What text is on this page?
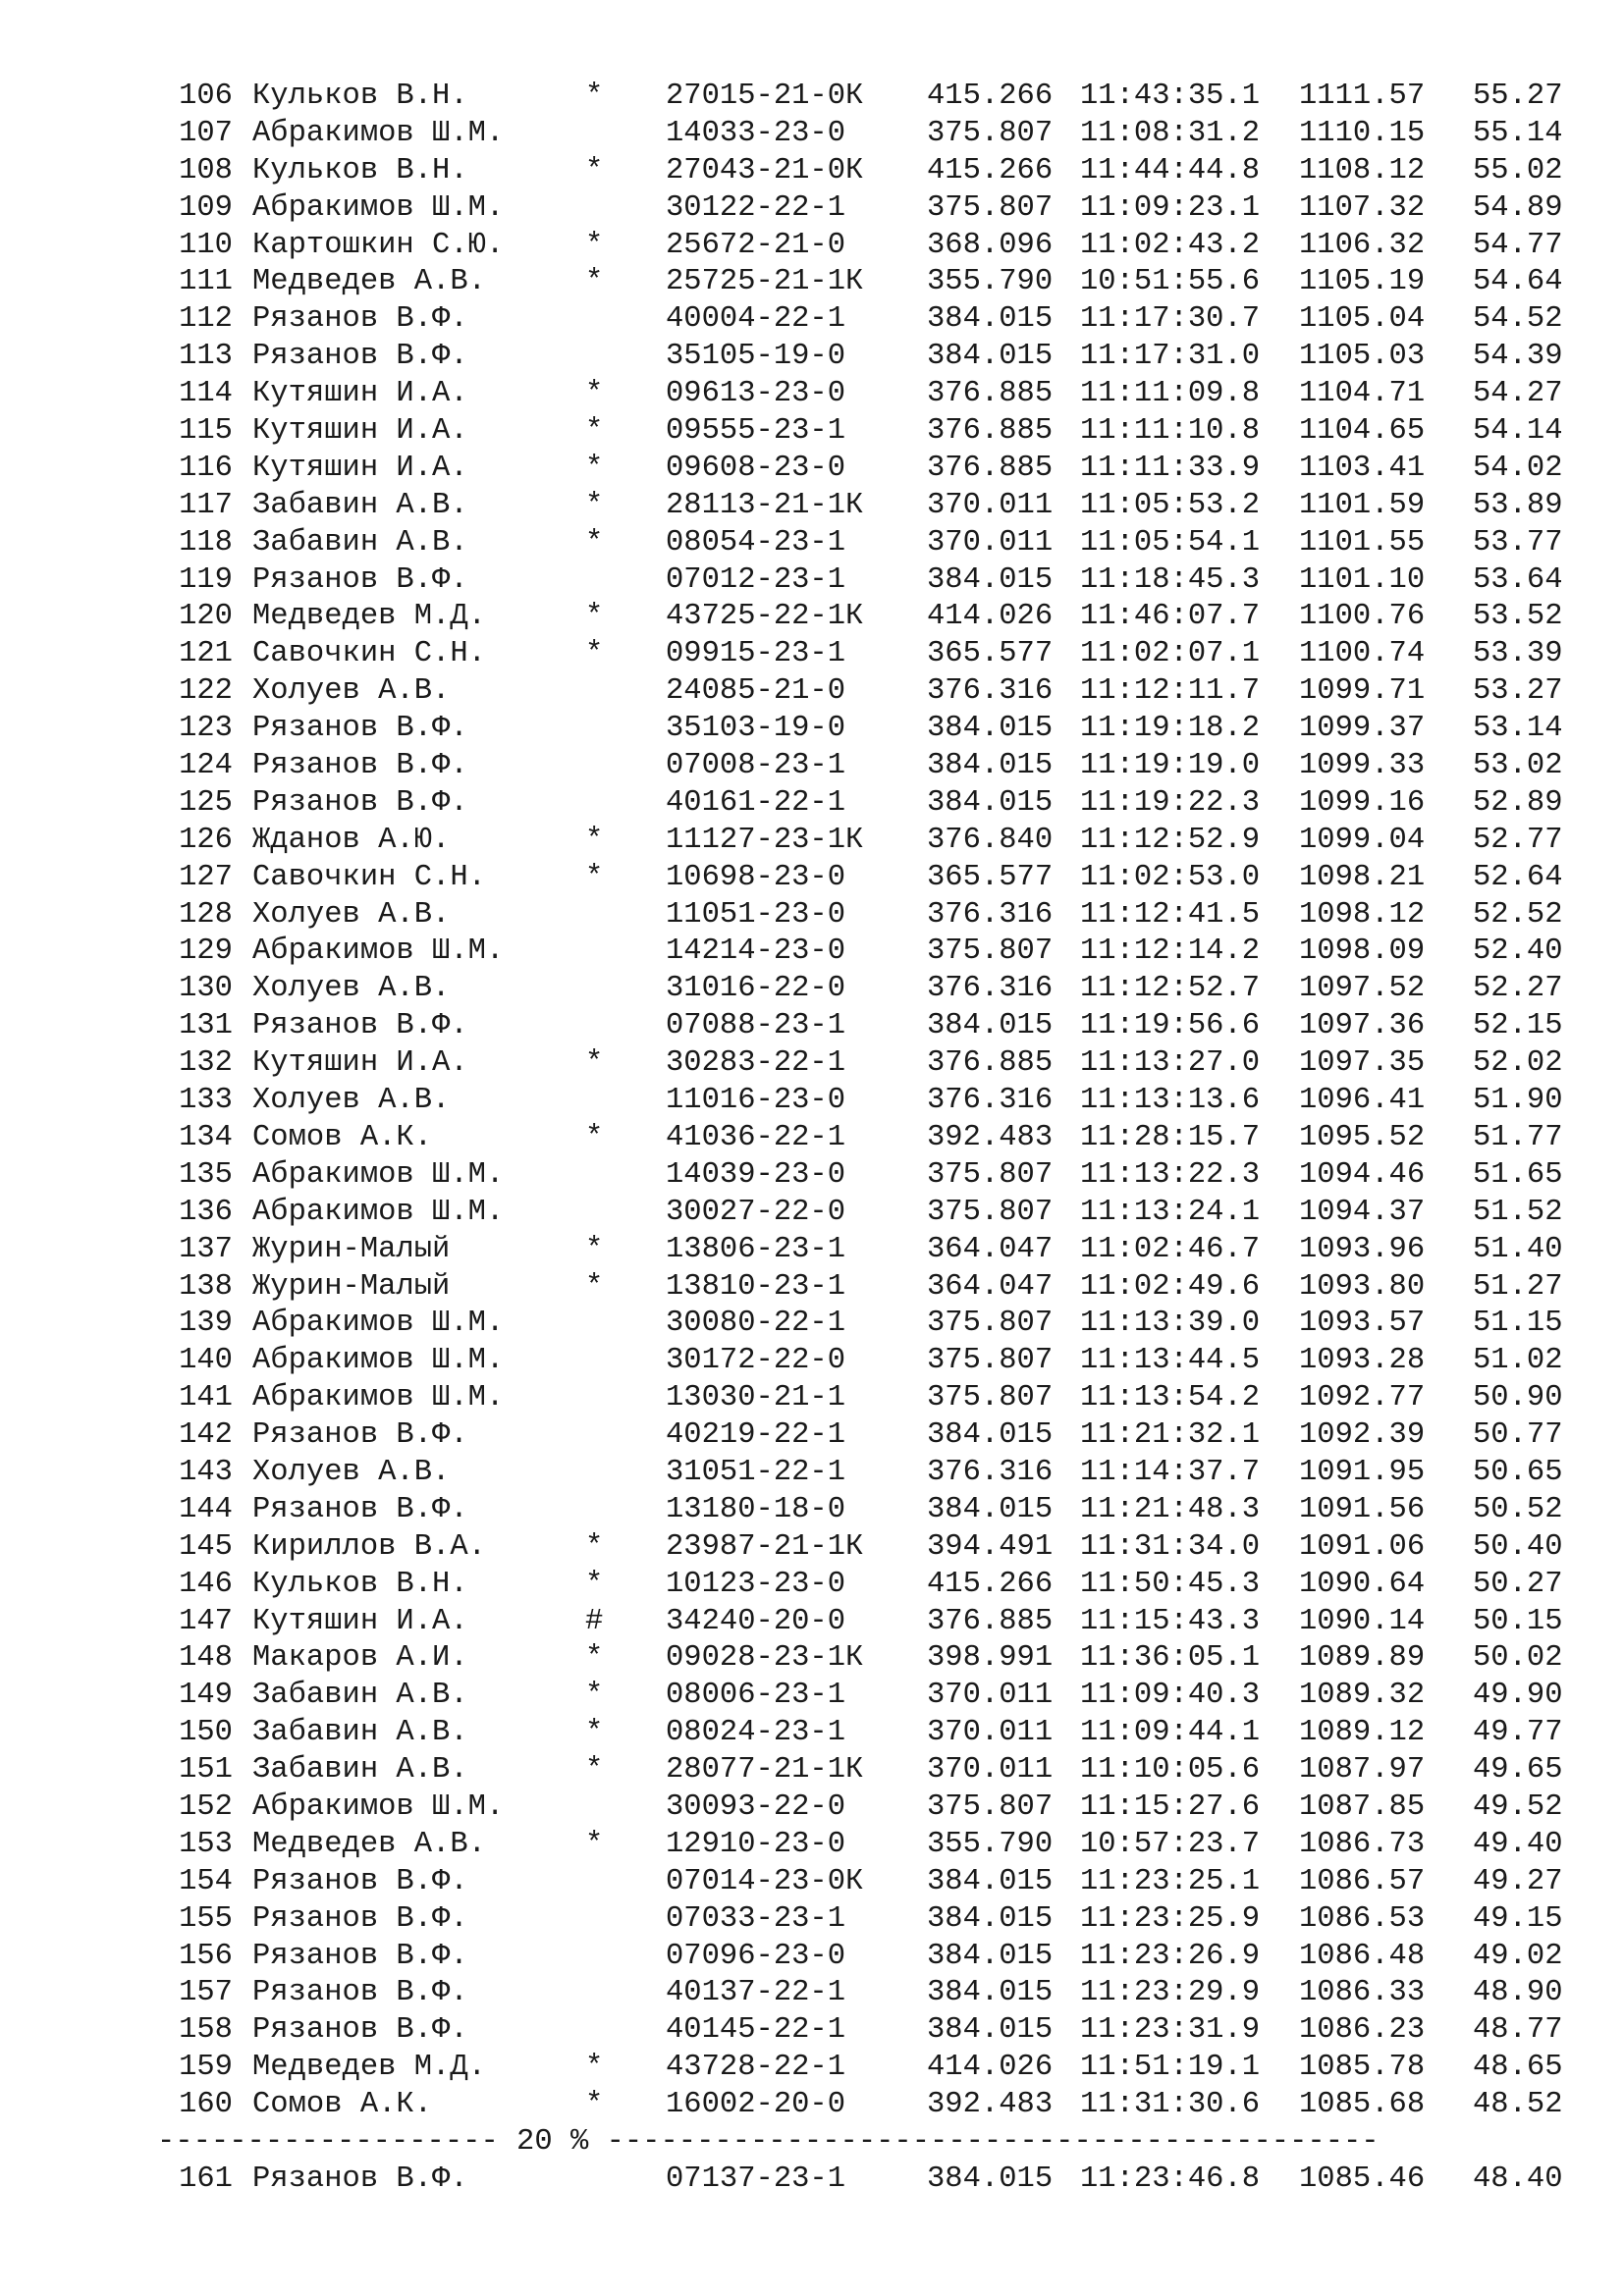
106 Кульков В.Н.	* 27015-21-0К 415.266 11:43:35.1 1111.57 55.27
107 Абракимов Ш.М.	14033-23-0	375.807 11:08:31.2 1110.15 55.14
108 Кульков В.Н.	* 27043-21-0К 415.266 11:44:44.8 1108.12 55.02
109 Абракимов Ш.М.	30122-22-1	375.807 11:09:23.1 1107.32 54.89
110 Картошкин С.Ю.	* 25672-21-0	368.096 11:02:43.2 1106.32 54.77
111 Медведев А.В.	* 25725-21-1К 355.790 10:51:55.6 1105.19 54.64
112 Рязанов В.Ф.	40004-22-1	384.015 11:17:30.7 1105.04 54.52
113 Рязанов В.Ф.	35105-19-0	384.015 11:17:31.0 1105.03 54.39
114 Кутяшин И.А.	* 09613-23-0	376.885 11:11:09.8 1104.71 54.27
115 Кутяшин И.А.	* 09555-23-1	376.885 11:11:10.8 1104.65 54.14
116 Кутяшин И.А.	* 09608-23-0	376.885 11:11:33.9 1103.41 54.02
117 Забавин А.В.	* 28113-21-1К 370.011 11:05:53.2 1101.59 53.89
118 Забавин А.В.	* 08054-23-1	370.011 11:05:54.1 1101.55 53.77
119 Рязанов В.Ф.	07012-23-1	384.015 11:18:45.3 1101.10 53.64
120 Медведев М.Д.	* 43725-22-1К 414.026 11:46:07.7 1100.76 53.52
121 Савочкин С.Н.	* 09915-23-1	365.577 11:02:07.1 1100.74 53.39
122 Холуев А.В.	24085-21-0	376.316 11:12:11.7 1099.71 53.27
123 Рязанов В.Ф.	35103-19-0	384.015 11:19:18.2 1099.37 53.14
124 Рязанов В.Ф.	07008-23-1	384.015 11:19:19.0 1099.33 53.02
125 Рязанов В.Ф.	40161-22-1	384.015 11:19:22.3 1099.16 52.89
126 Жданов А.Ю.	* 11127-23-1К 376.840 11:12:52.9 1099.04 52.77
127 Савочкин С.Н.	* 10698-23-0	365.577 11:02:53.0 1098.21 52.64
128 Холуев А.В.	11051-23-0	376.316 11:12:41.5 1098.12 52.52
129 Абракимов Ш.М.	14214-23-0	375.807 11:12:14.2 1098.09 52.40
130 Холуев А.В.	31016-22-0	376.316 11:12:52.7 1097.52 52.27
131 Рязанов В.Ф.	07088-23-1	384.015 11:19:56.6 1097.36 52.15
132 Кутяшин И.А.	* 30283-22-1	376.885 11:13:27.0 1097.35 52.02
133 Холуев А.В.	11016-23-0	376.316 11:13:13.6 1096.41 51.90
134 Сомов А.К.	* 41036-22-1	392.483 11:28:15.7 1095.52 51.77
135 Абракимов Ш.М.	14039-23-0	375.807 11:13:22.3 1094.46 51.65
136 Абракимов Ш.М.	30027-22-0	375.807 11:13:24.1 1094.37 51.52
137 Журин-Малый	* 13806-23-1	364.047 11:02:46.7 1093.96 51.40
138 Журин-Малый	* 13810-23-1	364.047 11:02:49.6 1093.80 51.27
139 Абракимов Ш.М.	30080-22-1	375.807 11:13:39.0 1093.57 51.15
140 Абракимов Ш.М.	30172-22-0	375.807 11:13:44.5 1093.28 51.02
141 Абракимов Ш.М.	13030-21-1	375.807 11:13:54.2 1092.77 50.90
142 Рязанов В.Ф.	40219-22-1	384.015 11:21:32.1 1092.39 50.77
143 Холуев А.В.	31051-22-1	376.316 11:14:37.7 1091.95 50.65
144 Рязанов В.Ф.	13180-18-0	384.015 11:21:48.3 1091.56 50.52
145 Кириллов В.А.	* 23987-21-1К 394.491 11:31:34.0 1091.06 50.40
146 Кульков В.Н.	* 10123-23-0	415.266 11:50:45.3 1090.64 50.27
147 Кутяшин И.А.	# 34240-20-0	376.885 11:15:43.3 1090.14 50.15
148 Макаров А.И.	* 09028-23-1К 398.991 11:36:05.1 1089.89 50.02
149 Забавин А.В.	* 08006-23-1	370.011 11:09:40.3 1089.32 49.90
150 Забавин А.В.	* 08024-23-1	370.011 11:09:44.1 1089.12 49.77
151 Забавин А.В.	* 28077-21-1К 370.011 11:10:05.6 1087.97 49.65
152 Абракимов Ш.М.	30093-22-0	375.807 11:15:27.6 1087.85 49.52
153 Медведев А.В.	* 12910-23-0	355.790 10:57:23.7 1086.73 49.40
154 Рязанов В.Ф.	07014-23-0К 384.015 11:23:25.1 1086.57 49.27
155 Рязанов В.Ф.	07033-23-1	384.015 11:23:25.9 1086.53 49.15
156 Рязанов В.Ф.	07096-23-0	384.015 11:23:26.9 1086.48 49.02
157 Рязанов В.Ф.	40137-22-1	384.015 11:23:29.9 1086.33 48.90
158 Рязанов В.Ф.	40145-22-1	384.015 11:23:31.9 1086.23 48.77
159 Медведев М.Д.	* 43728-22-1	414.026 11:51:19.1 1085.78 48.65
160 Сомов А.К.	* 16002-20-0	392.483 11:31:30.6 1085.68 48.52

------------------- 20 % -------------------------------------------

161 Рязанов В.Ф.	07137-23-1	384.015 11:23:46.8 1085.46 48.40
